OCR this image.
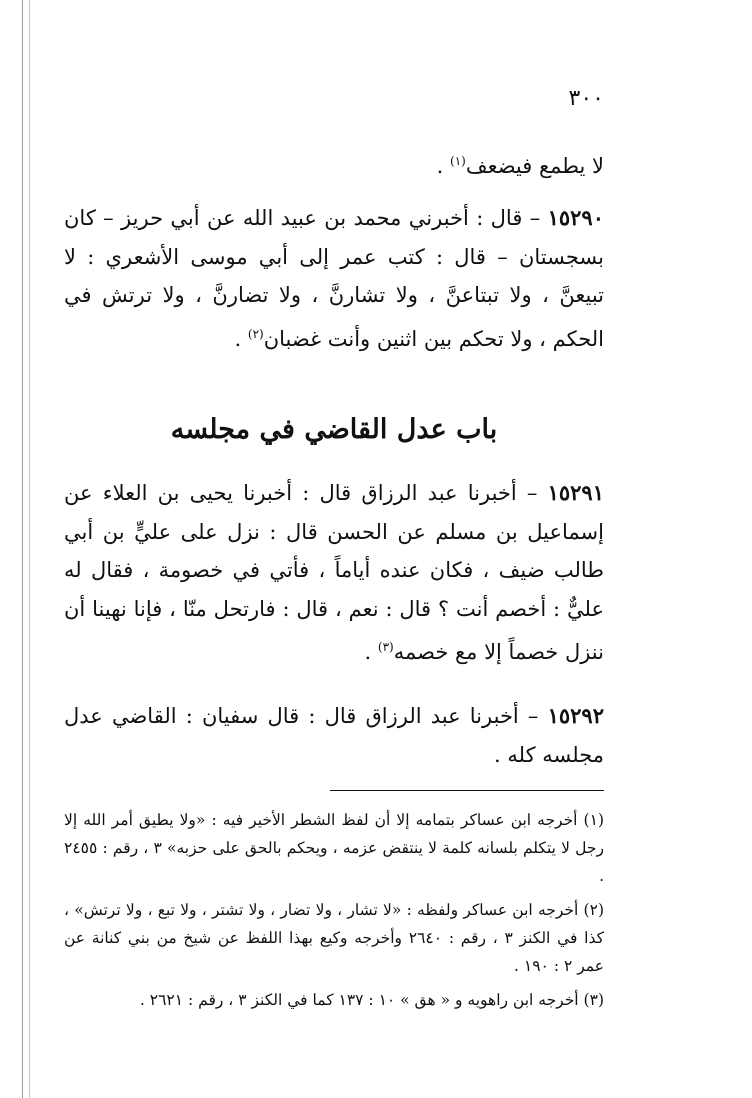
٣٠٠

لا يطمع فيضعف$^{(١)}$ .

١٥٢٩٠ – قال : أخبرني محمد بن عبيد الله عن أبي حريز – كان بسجستان – قال : كتب عمر إلى أبي موسى الأشعري : لا تبيعنَّ ، ولا تبتاعنَّ ، ولا تشارنَّ ، ولا تضارنَّ ، ولا ترتش في الحكم ، ولا تحكم بين اثنين وأنت غضبان$^{(٢)}$ .

باب عدل القاضي في مجلسه

١٥٢٩١ – أخبرنا عبد الرزاق قال : أخبرنا يحيى بن العلاء عن إسماعيل بن مسلم عن الحسن قال : نزل على عليٍّ بن أبي طالب ضيف ، فكان عنده أياماً ، فأتي في خصومة ، فقال له عليٌّ : أخصم أنت ؟ قال : نعم ، قال : فارتحل منّا ، فإنا نهينا أن ننزل خصماً إلا مع خصمه$^{(٣)}$ .

١٥٢٩٢ – أخبرنا عبد الرزاق قال : قال سفيان : القاضي عدل مجلسه كله .

(١) أخرجه ابن عساكر بتمامه إلا أن لفظ الشطر الأخير فيه : «ولا يطيق أمر الله إلا رجل لا يتكلم بلسانه كلمة لا ينتقض عزمه ، ويحكم بالحق على حزبه» ٣ ، رقم : ٢٤٥٥ .

(٢) أخرجه ابن عساكر ولفظه : «لا تشار ، ولا تضار ، ولا تشتر ، ولا تبع ، ولا ترتش» ، كذا في الكنز ٣ ، رقم : ٢٦٤٠ وأخرجه وكيع بهذا اللفظ عن شيخ من بني كنانة عن عمر ٢ : ١٩٠ .

(٣) أخرجه ابن راهويه و « هق » ١٠ : ١٣٧ كما في الكنز ٣ ، رقم : ٢٦٢١ .
